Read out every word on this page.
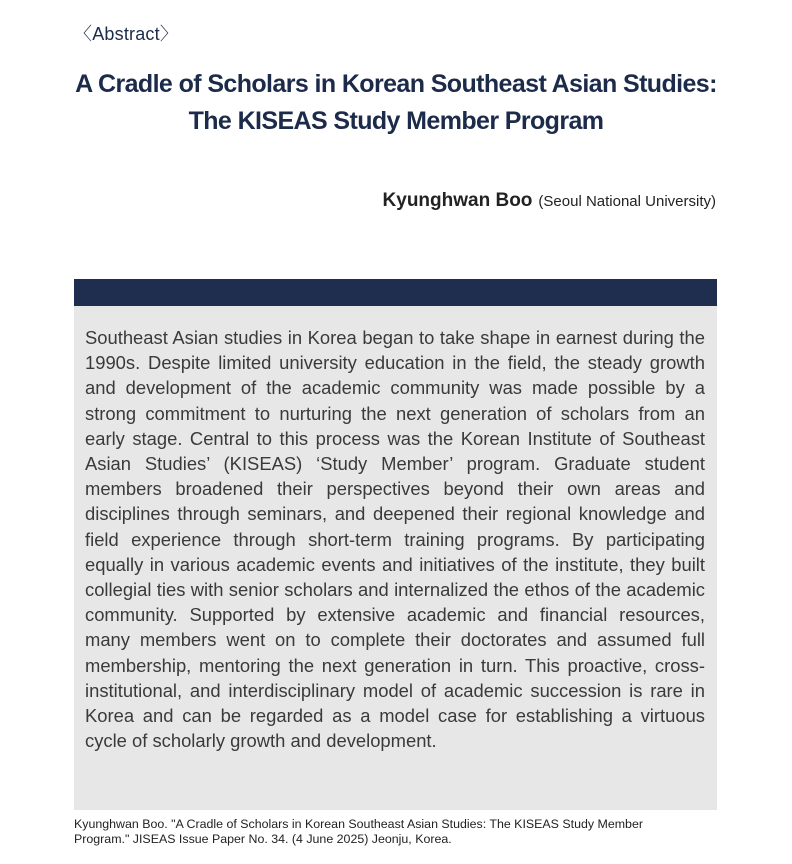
〈Abstract〉
A Cradle of Scholars in Korean Southeast Asian Studies:
The KISEAS Study Member Program
Kyunghwan Boo (Seoul National University)

Southeast Asian studies in Korea began to take shape in earnest during the 1990s. Despite limited university education in the field, the steady growth and development of the academic community was made possible by a strong commitment to nurturing the next generation of scholars from an early stage. Central to this process was the Korean Institute of Southeast Asian Studies’ (KISEAS) ‘Study Member’ program. Graduate student members broadened their perspectives beyond their own areas and disciplines through seminars, and deepened their regional knowledge and field experience through short-term training programs. By participating equally in various academic events and initiatives of the institute, they built collegial ties with senior scholars and internalized the ethos of the academic community. Supported by extensive academic and financial resources, many members went on to complete their doctorates and assumed full membership, mentoring the next generation in turn. This proactive, cross-institutional, and interdisciplinary model of academic succession is rare in Korea and can be regarded as a model case for establishing a virtuous cycle of scholarly growth and development.

Kyunghwan Boo. "A Cradle of Scholars in Korean Southeast Asian Studies: The KISEAS Study Member
Program." JISEAS Issue Paper No. 34. (4 June 2025) Jeonju, Korea.
